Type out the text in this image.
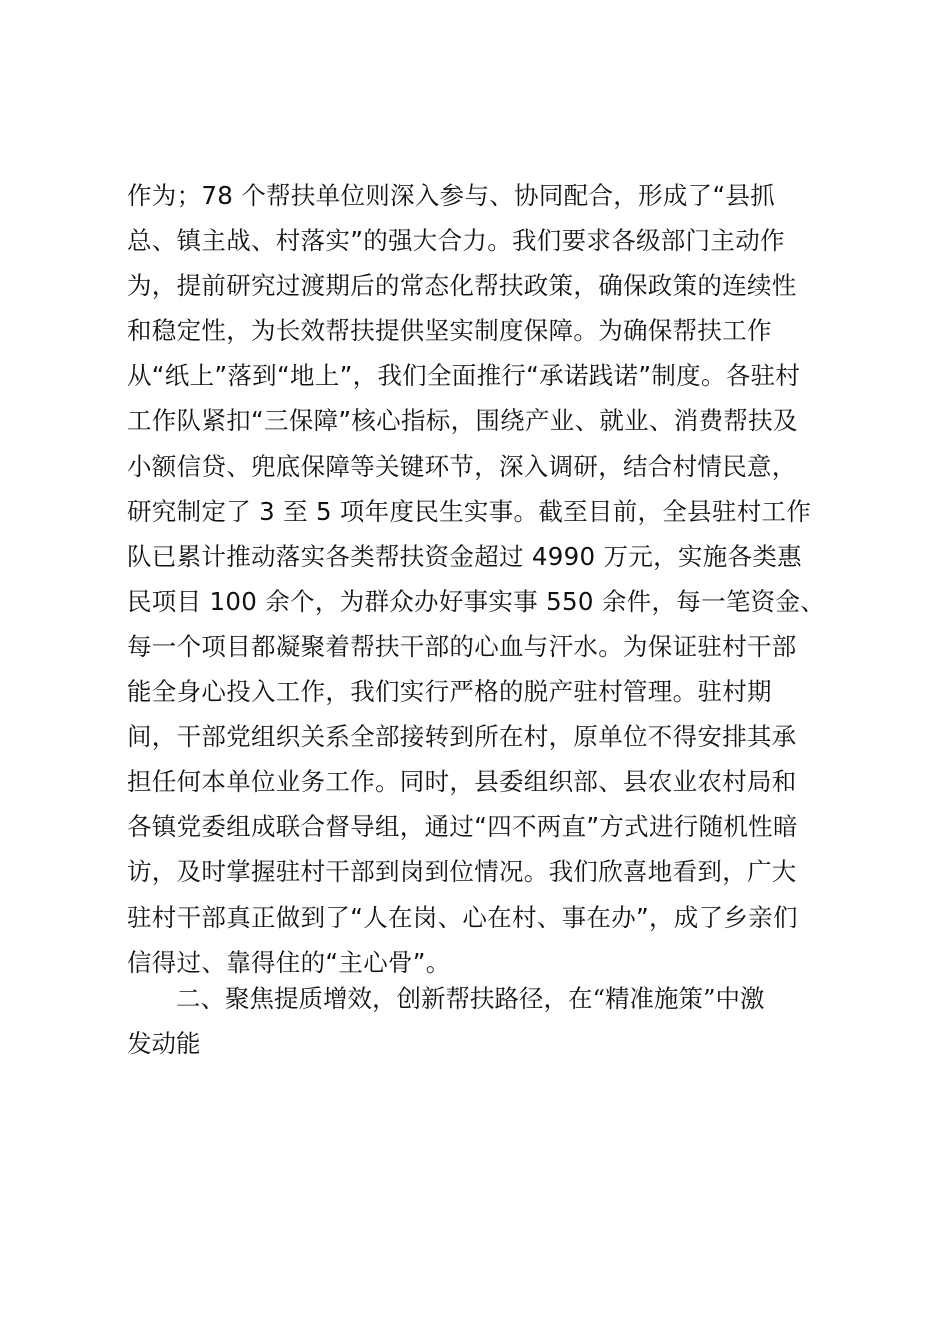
作为；78 个帮扶单位则深入参与、协同配合，形成了“县抓
总、镇主战、村落实”的强大合力。我们要求各级部门主动作
为，提前研究过渡期后的常态化帮扶政策，确保政策的连续性
和稳定性，为长效帮扶提供坚实制度保障。为确保帮扶工作
从“纸上”落到“地上”，我们全面推行“承诺践诺”制度。各驻村
工作队紧扣“三保障”核心指标，围绕产业、就业、消费帮扶及
小额信贷、兜底保障等关键环节，深入调研，结合村情民意，
研究制定了 3 至 5 项年度民生实事。截至目前，全县驻村工作
队已累计推动落实各类帮扶资金超过 4990 万元，实施各类惠
民项目 100 余个，为群众办好事实事 550 余件，每一笔资金、
每一个项目都凝聚着帮扶干部的心血与汗水。为保证驻村干部
能全身心投入工作，我们实行严格的脱产驻村管理。驻村期
间，干部党组织关系全部接转到所在村，原单位不得安排其承
担任何本单位业务工作。同时，县委组织部、县农业农村局和
各镇党委组成联合督导组，通过“四不两直”方式进行随机性暗
访，及时掌握驻村干部到岗到位情况。我们欣喜地看到，广大
驻村干部真正做到了“人在岗、心在村、事在办”，成了乡亲们
信得过、靠得住的“主心骨”。
二、聚焦提质增效，创新帮扶路径，在“精准施策”中激
发动能
